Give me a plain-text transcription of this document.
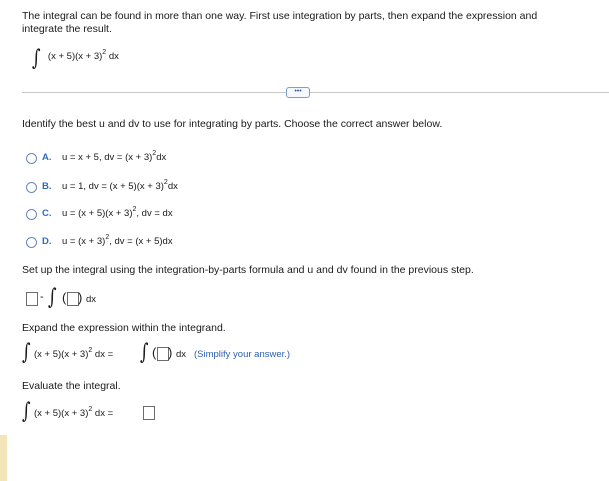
The integral can be found in more than one way. First use integration by parts, then expand the expression and
integrate the result.
∫ $^{(x + 5)(x + 3)^2 dx}$
•••
Identify the best u and dv to use for integrating by parts. Choose the correct answer below.
A. u = x + 5, dv = $(x + 3)^2dx$
B. u = 1, dv = $(x + 5)(x + 3)^2dx$
C. $u = (x + 5)(x + 3)^2$, dv = dx
D. $u = (x + 3)^2$, dv = (x + 5)dx
Set up the integral using the integration-by-parts formula and u and dv found in the previous step.
- ∫ ( ) dx
Expand the expression within the integrand.
∫ $(x + 5)(x + 3)^2$ dx = ∫ ( ) dx (Simplify your answer.)
Evaluate the integral.
∫ $(x + 5)(x + 3)^2$ dx =
